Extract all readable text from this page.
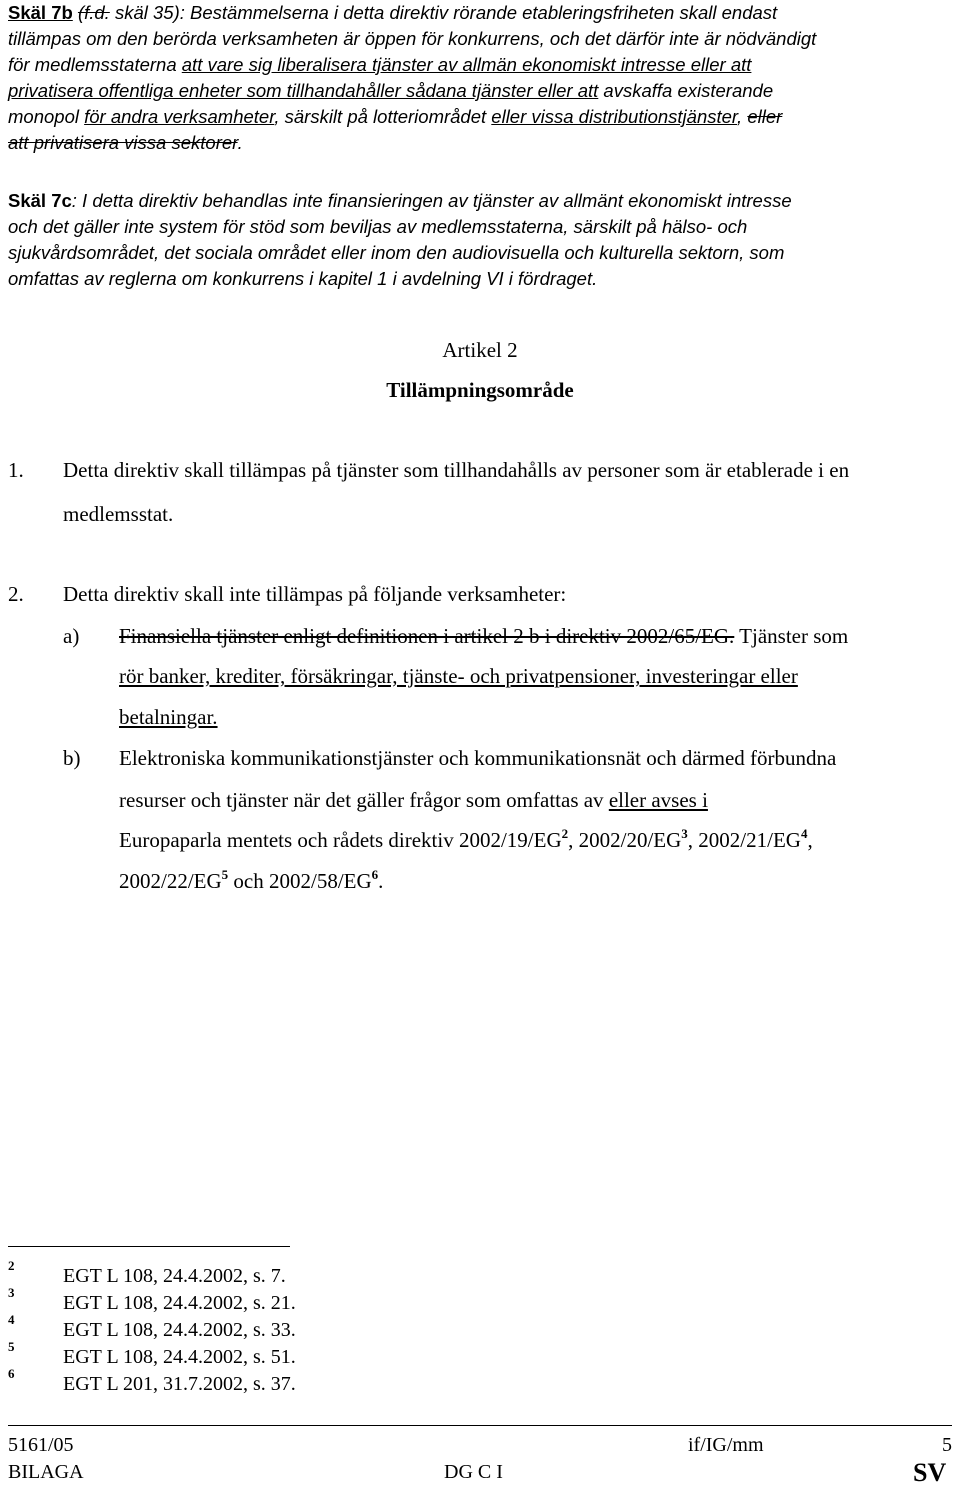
Skäl 7b (f.d. skäl 35): Bestämmelserna i detta direktiv rörande etableringsfriheten skall endast
tillämpas om den berörda verksamheten är öppen för konkurrens, och det därför inte är nödvändigt
för medlemsstaterna att vare sig liberalisera tjänster av allmän ekonomiskt intresse eller att
privatisera offentliga enheter som tillhandahåller sådana tjänster eller att avskaffa existerande
monopol för andra verksamheter, särskilt på lotteriområdet eller vissa distributionstjänster, eller
att privatisera vissa sektorer.
Skäl 7c: I detta direktiv behandlas inte finansieringen av tjänster av allmänt ekonomiskt intresse
och det gäller inte system för stöd som beviljas av medlemsstaterna, särskilt på hälso- och
sjukvårdsområdet, det sociala området eller inom den audiovisuella och kulturella sektorn, som
omfattas av reglerna om konkurrens i kapitel 1 i avdelning VI i fördraget.
Artikel 2
Tillämpningsområde
1. Detta direktiv skall tillämpas på tjänster som tillhandahålls av personer som är etablerade i en
medlemsstat.
2. Detta direktiv skall inte tillämpas på följande verksamheter:
a) Finansiella tjänster enligt definitionen i artikel 2 b i direktiv 2002/65/EG. Tjänster som
rör banker, krediter, försäkringar, tjänste- och privatpensioner, investeringar eller
betalningar.
b) Elektroniska kommunikationstjänster och kommunikationsnät och därmed förbundna
resurser och tjänster när det gäller frågor som omfattas av eller avses i
Europaparla mentets och rådets direktiv $2002/19/EG^2$, $2002/20/EG^3$, $2002/21/EG^4$,
$2002/22/EG^5$ och $2002/58/EG^6$.
2 EGT L 108, 24.4.2002, s. 7.
3 EGT L 108, 24.4.2002, s. 21.
4 EGT L 108, 24.4.2002, s. 33.
5 EGT L 108, 24.4.2002, s. 51.
6 EGT L 201, 31.7.2002, s. 37.
5161/05	if/IG/mm	5
BILAGA	DG C I	SV
